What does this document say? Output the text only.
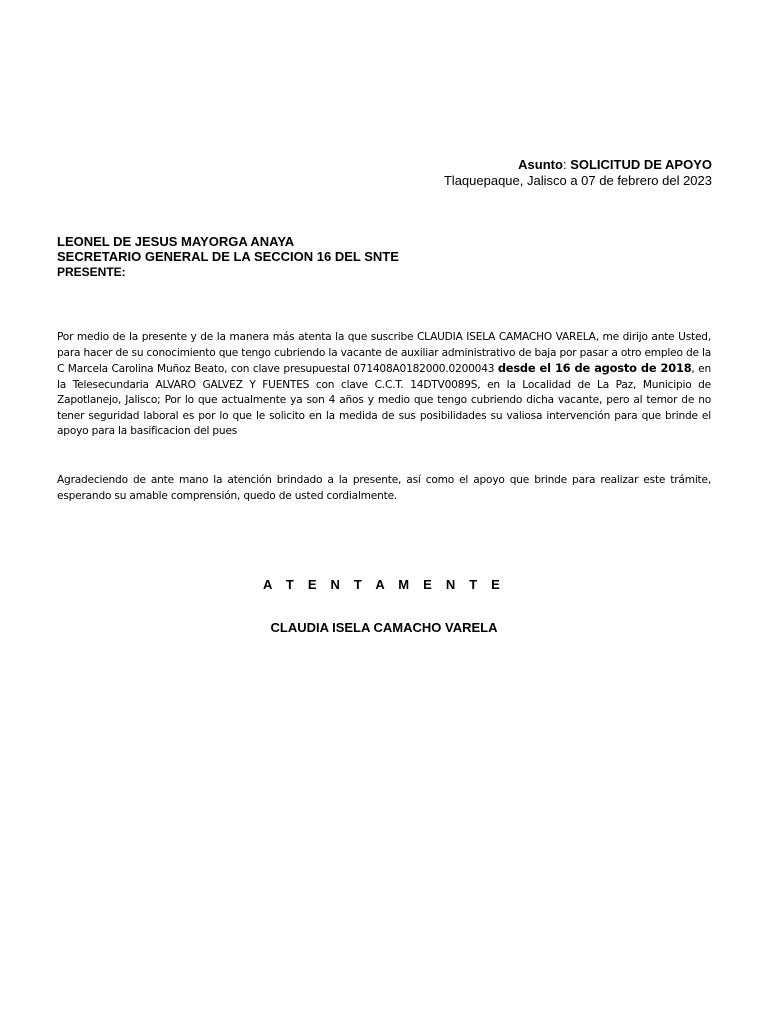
Asunto: SOLICITUD DE APOYO
Tlaquepaque, Jalisco a 07 de febrero del 2023
LEONEL DE JESUS MAYORGA ANAYA
SECRETARIO GENERAL DE LA SECCION 16 DEL SNTE
PRESENTE:
Por medio de la presente y de la manera más atenta la que suscribe CLAUDIA ISELA CAMACHO VARELA, me dirijo ante Usted, para hacer de su conocimiento que tengo cubriendo la vacante de auxiliar administrativo de baja por pasar a otro empleo de la C Marcela Carolina Muñoz Beato, con clave presupuestal 071408A0182000.0200043 desde el 16 de agosto de 2018, en la Telesecundaria ALVARO GALVEZ Y FUENTES con clave C.C.T. 14DTV0089S, en la Localidad de La Paz, Municipio de Zapotlanejo, Jalisco; Por lo que actualmente ya son 4 años y medio que tengo cubriendo dicha vacante, pero al temor de no tener seguridad laboral es por lo que le solicito en la medida de sus posibilidades su valiosa intervención para que brinde el apoyo para la basificacion del pues
Agradeciendo de ante mano la atención brindado a la presente, así como el apoyo que brinde para realizar este trámite, esperando su amable comprensión, quedo de usted cordialmente.
A T E N T A M E N T E
CLAUDIA ISELA CAMACHO VARELA
